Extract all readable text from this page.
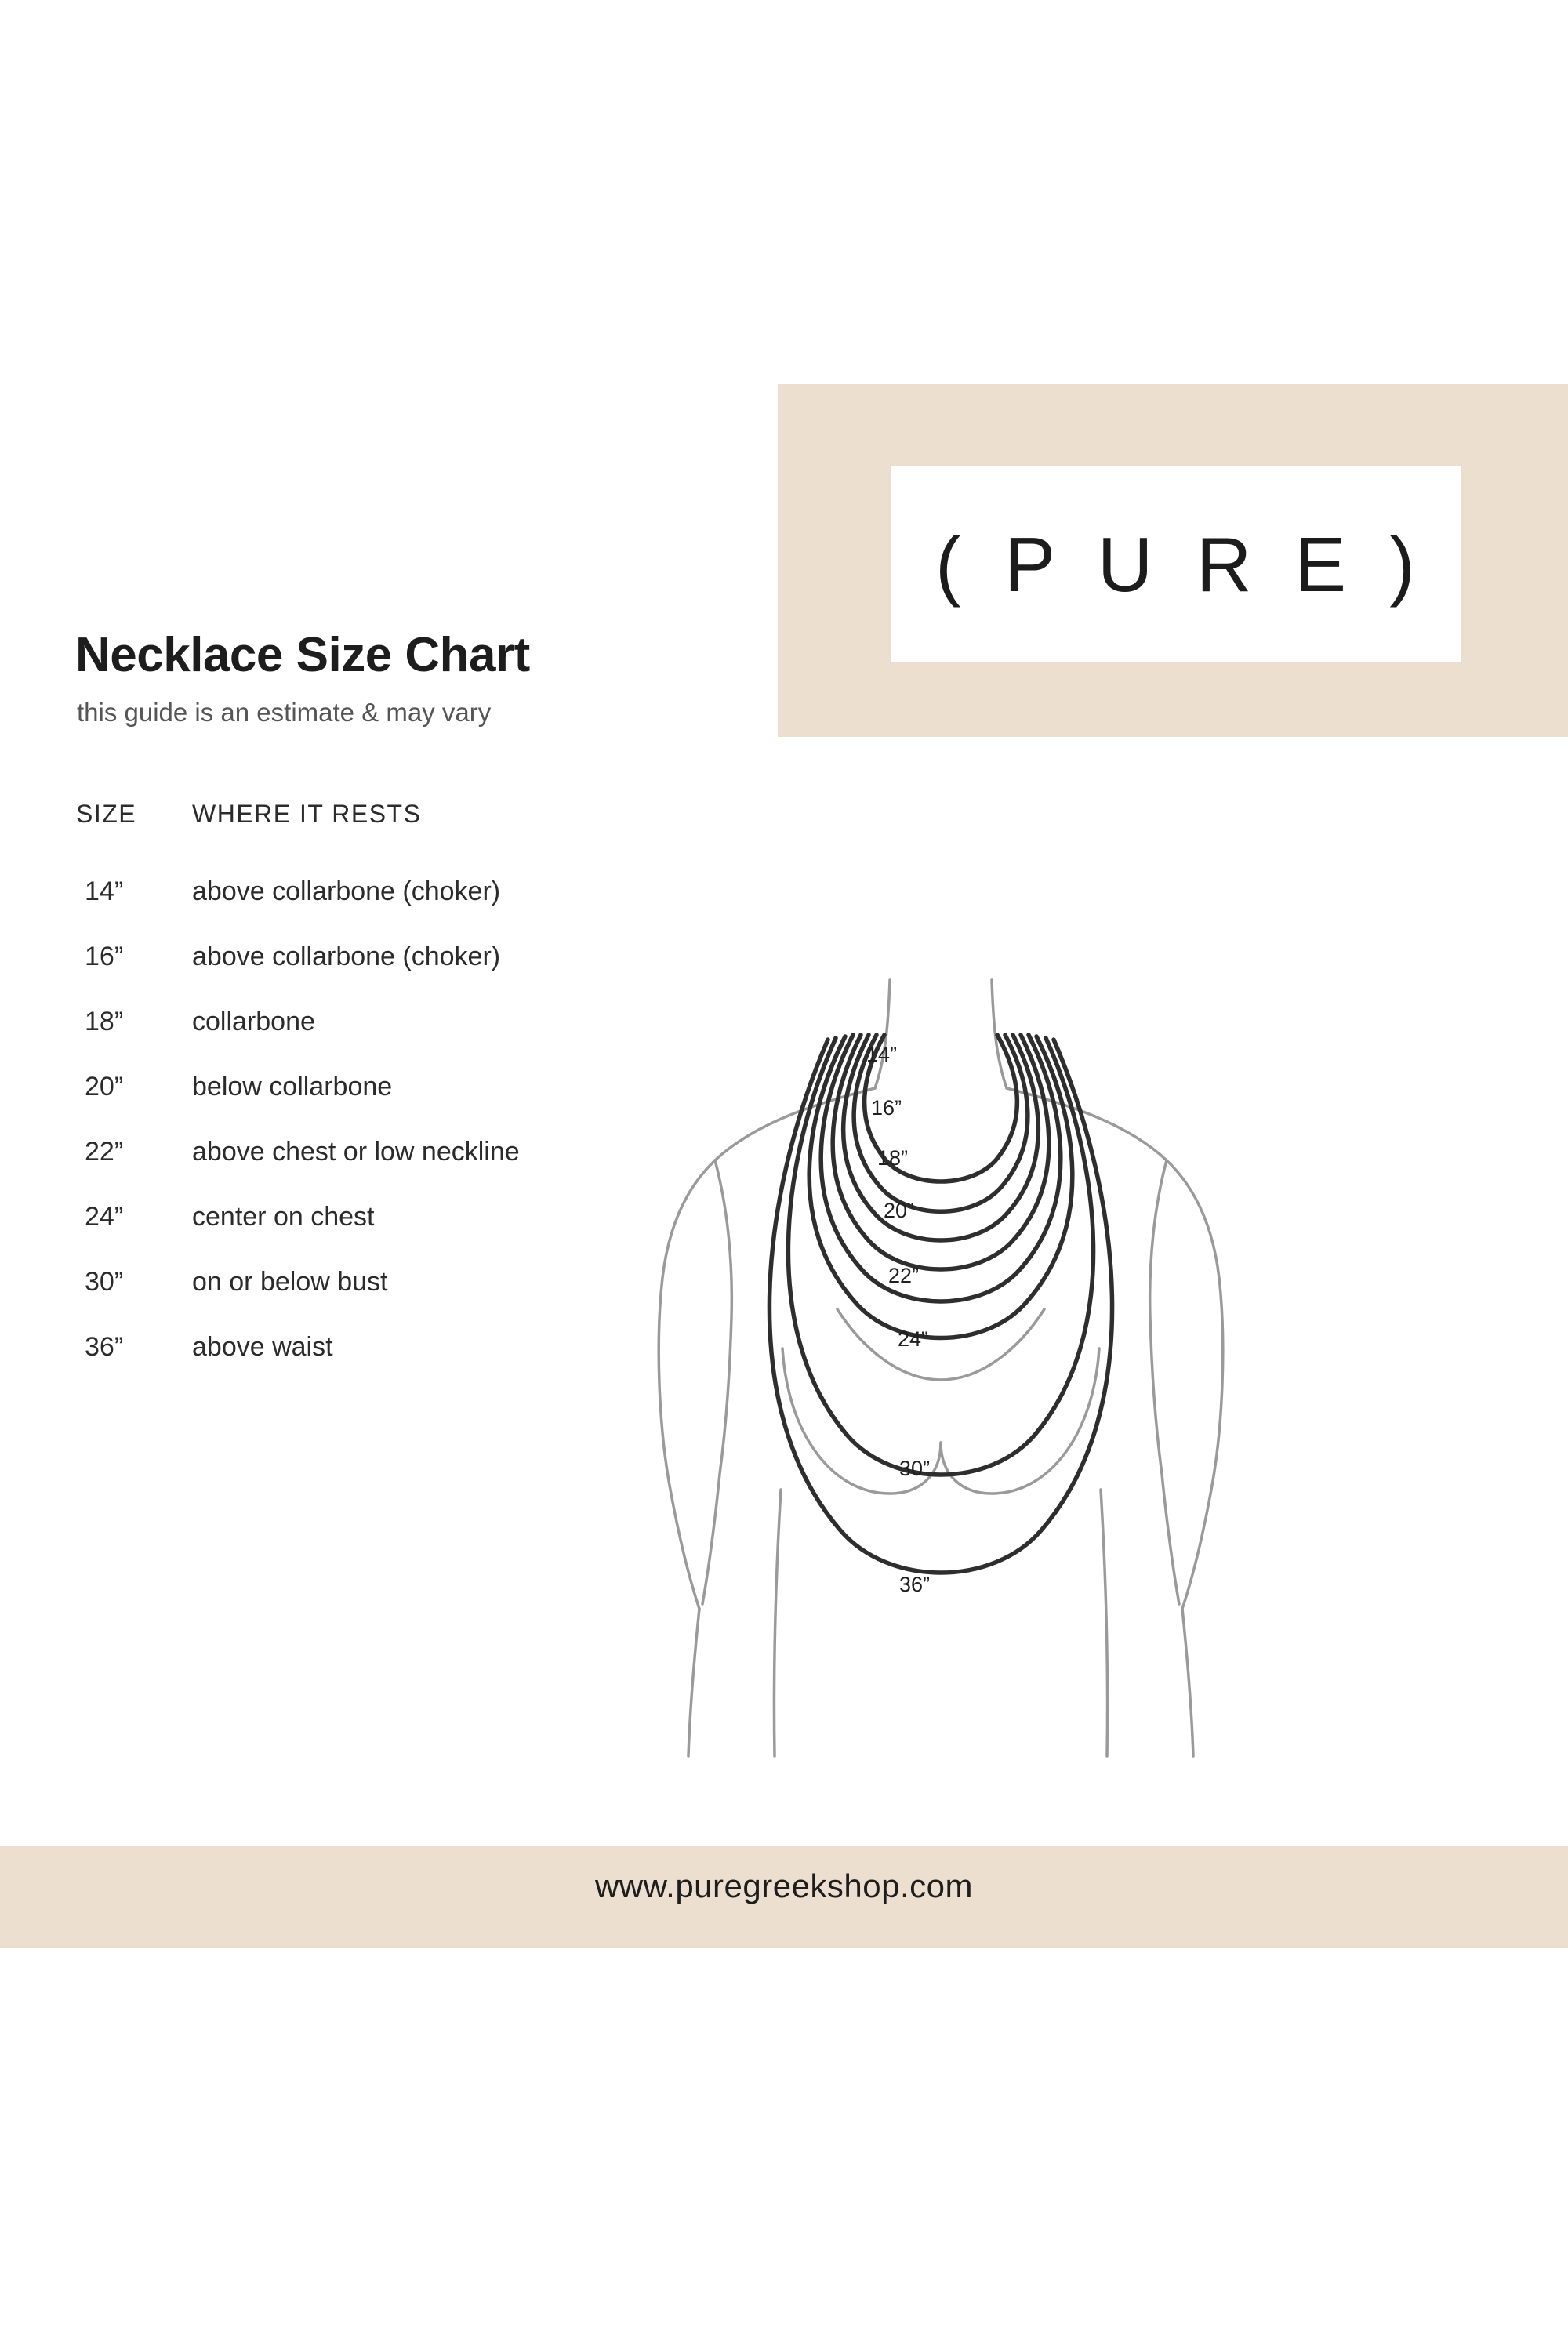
( P U R E )
Necklace Size Chart
this guide is an estimate & may vary
SIZE WHERE IT RESTS
14”	above collarbone (choker)
16”	above collarbone (choker)
18”	collarbone
20”	below collarbone
22”	above chest or low neckline
24”	center on chest
30”	on or below bust
36”	above waist
14”
16”
18”
20”
22”
24”
30”
36”
www.puregreekshop.com
